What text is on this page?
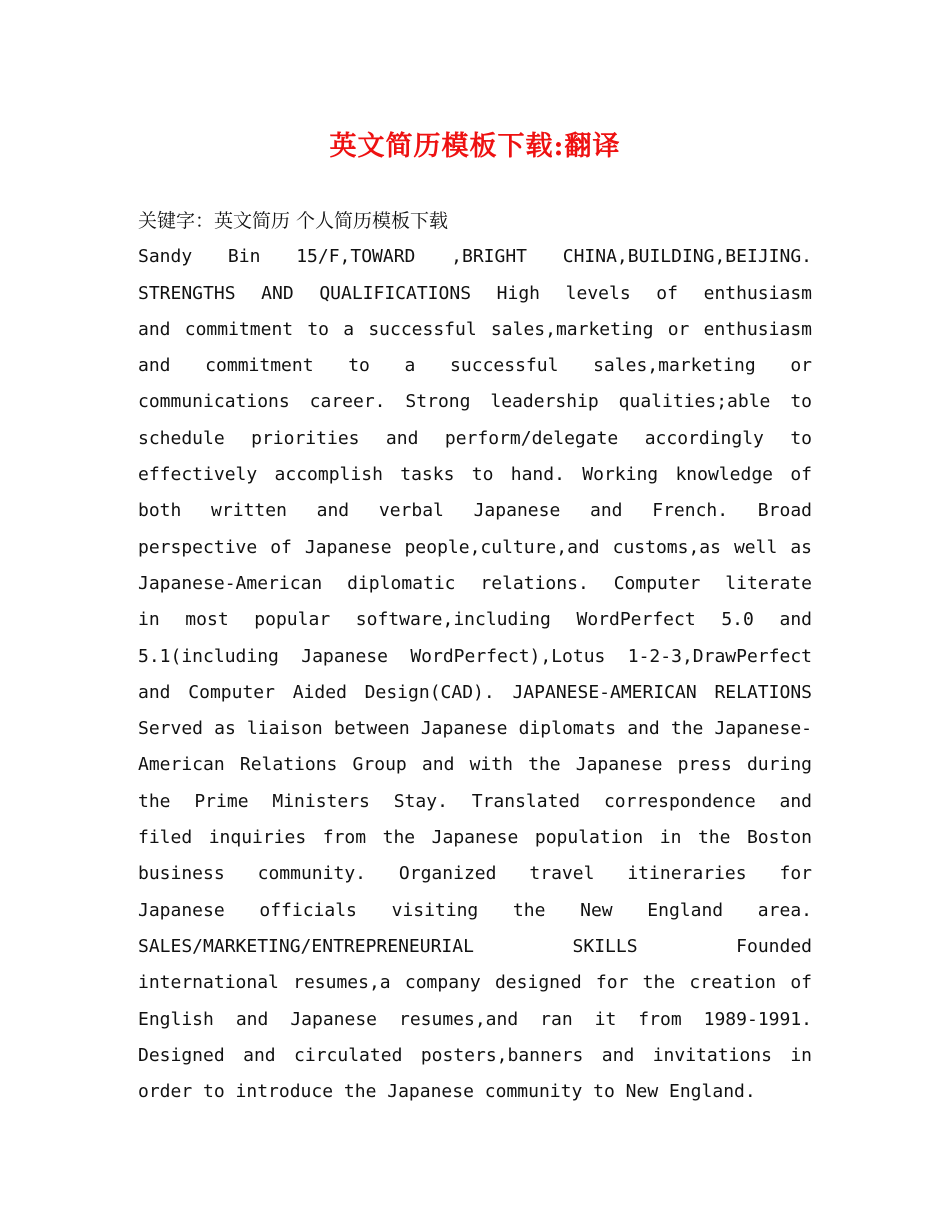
英文简历模板下载:翻译
关键字：英文简历 个人简历模板下载
Sandy Bin 15/F,TOWARD ,BRIGHT CHINA,BUILDING,BEIJING.
STRENGTHS AND QUALIFICATIONS High levels of enthusiasm
and commitment to a successful sales,marketing or enthusiasm
and commitment to a successful sales,marketing or
communications career. Strong leadership qualities;able to
schedule priorities and perform/delegate accordingly to
effectively accomplish tasks to hand. Working knowledge of
both written and verbal Japanese and French. Broad
perspective of Japanese people,culture,and customs,as well as
Japanese-American diplomatic relations. Computer literate
in most popular software,including WordPerfect 5.0 and
5.1(including Japanese WordPerfect),Lotus 1-2-3,DrawPerfect
and Computer Aided Design(CAD). JAPANESE-AMERICAN RELATIONS
Served as liaison between Japanese diplomats and the Japanese-
American Relations Group and with the Japanese press during
the Prime Ministers Stay. Translated correspondence and
filed inquiries from the Japanese population in the Boston
business community. Organized travel itineraries for
Japanese officials visiting the New England area.
SALES/MARKETING/ENTREPRENEURIAL SKILLS Founded
international resumes,a company designed for the creation of
English and Japanese resumes,and ran it from 1989-1991.
Designed and circulated posters,banners and invitations in
order to introduce the Japanese community to New England.
